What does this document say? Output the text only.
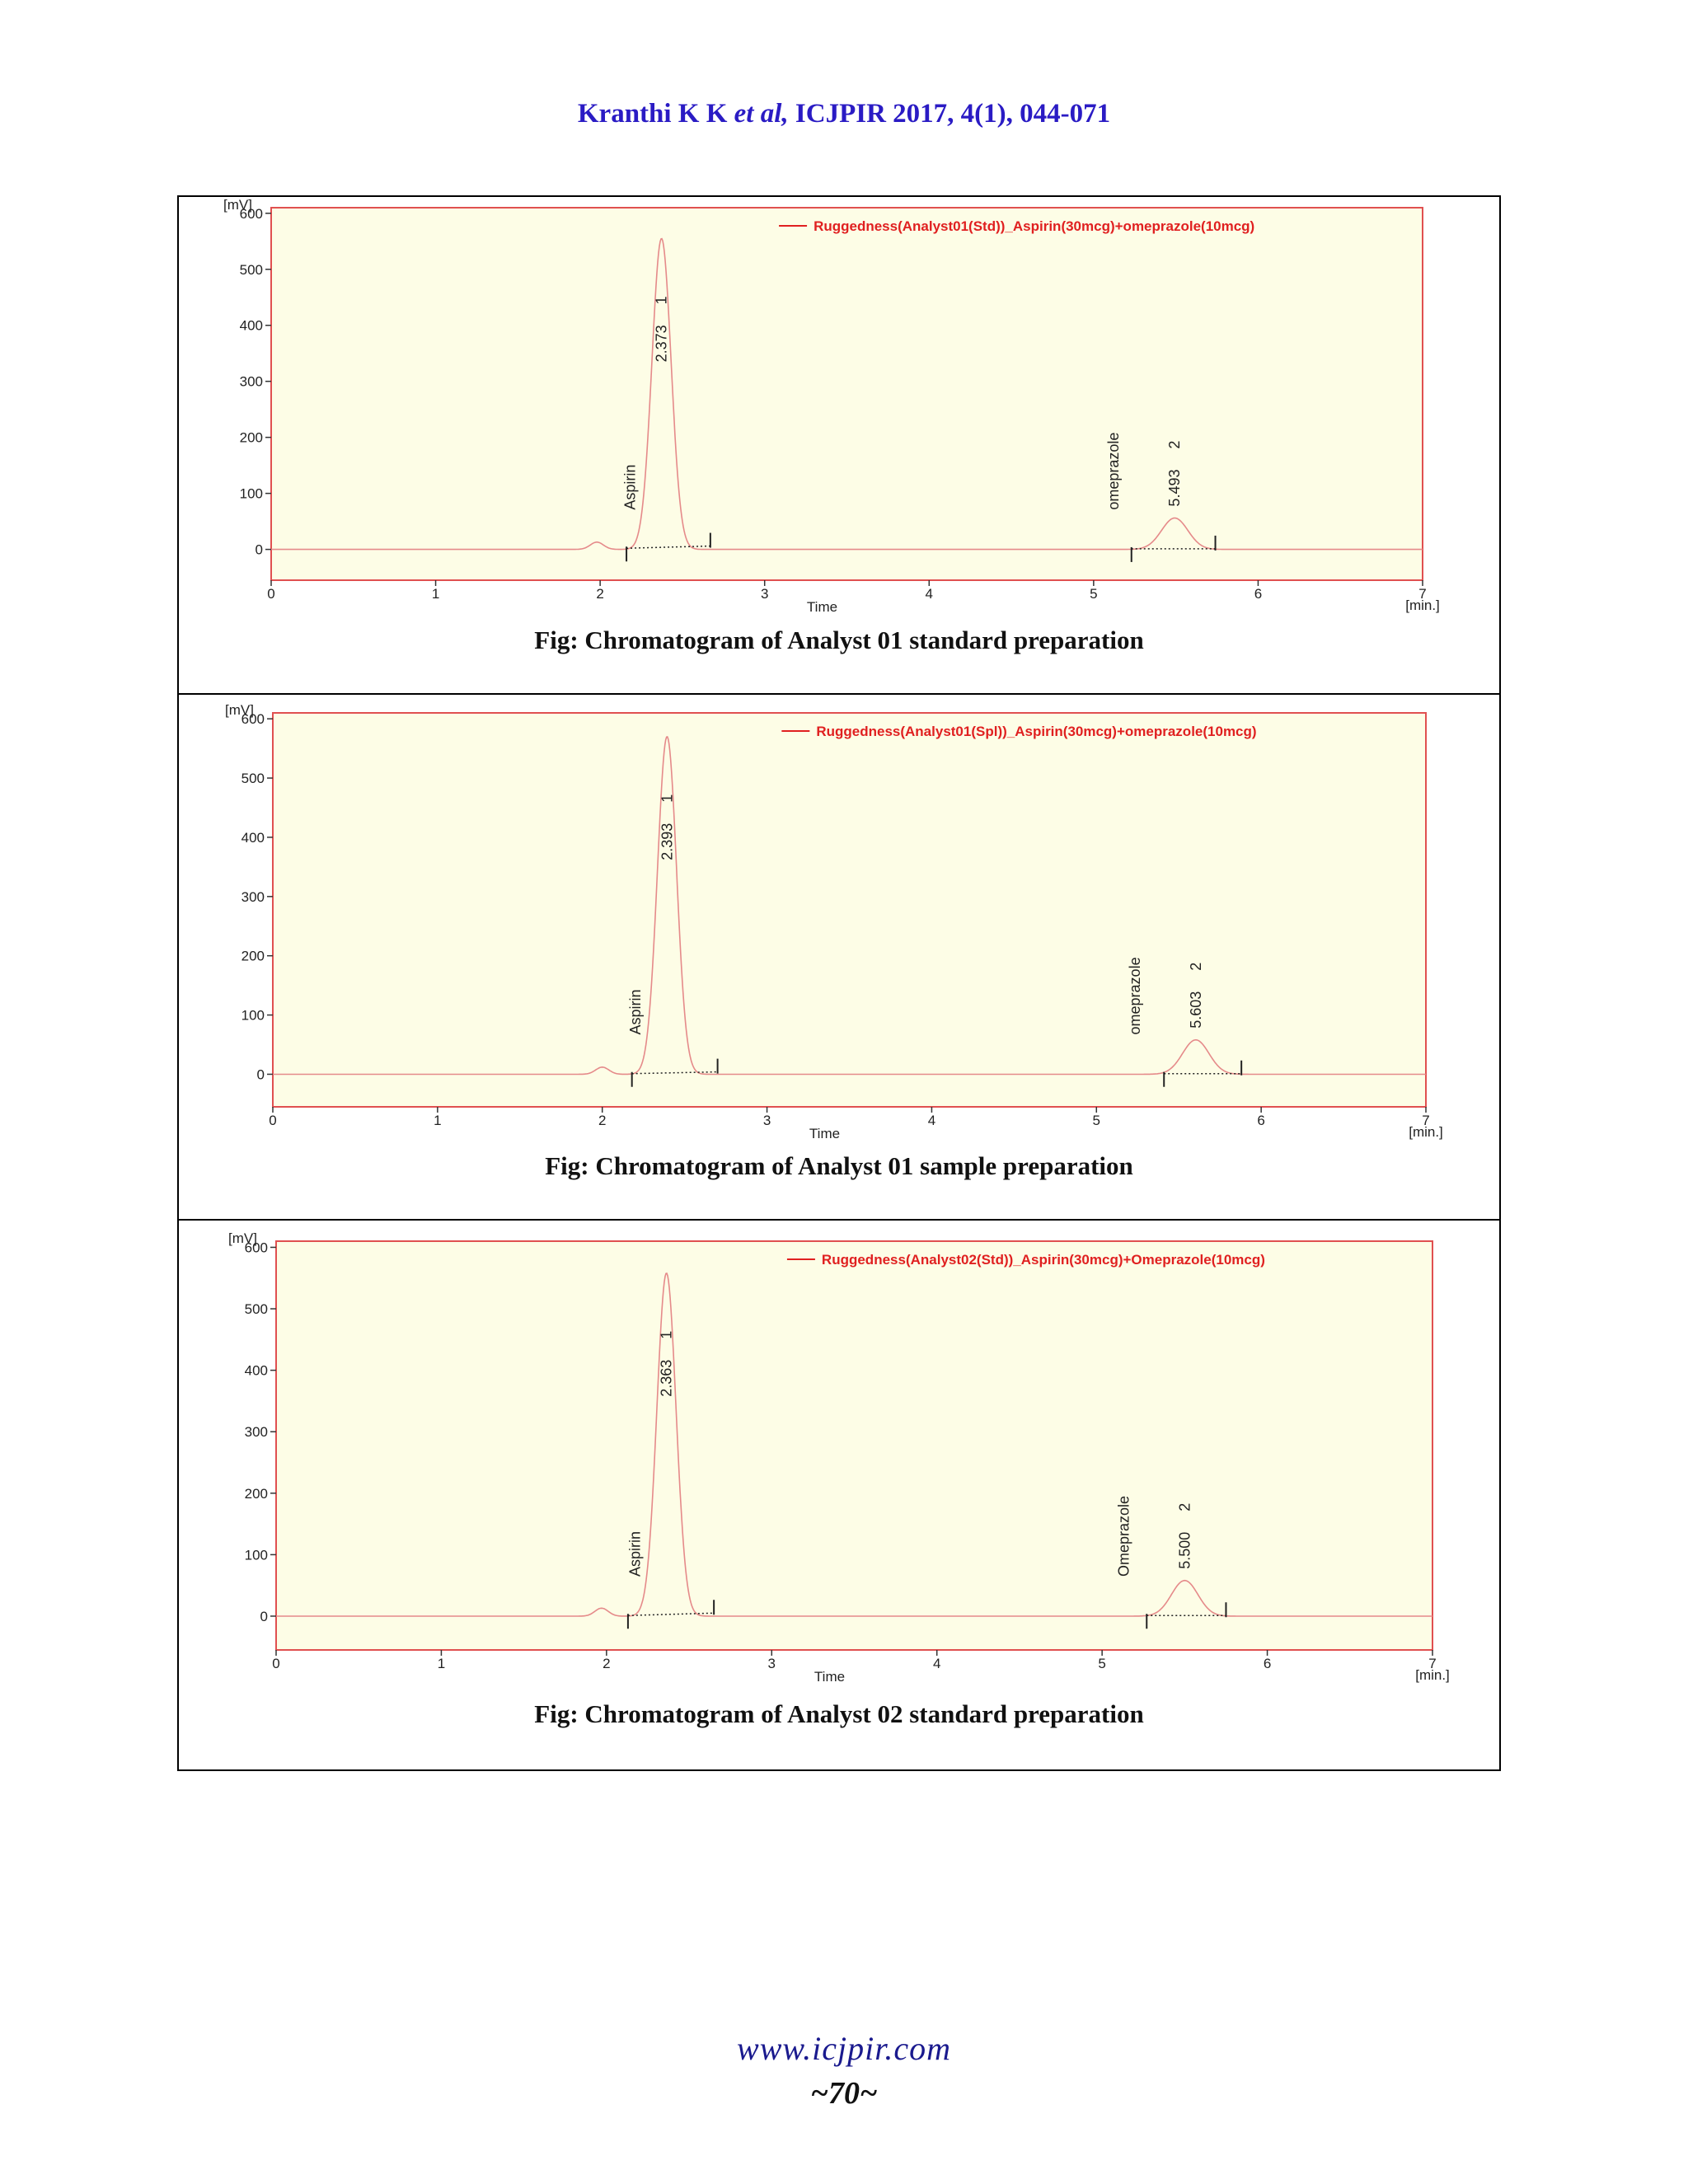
Kranthi K K et al, ICJPIR 2017, 4(1), 044-071
0
100
200
300
400
500
600
[mV]
0	1	2	3	4	5	6	7
Time	[min.]
Ruggedness(Analyst01(Std))_Aspirin(30mcg)+omeprazole(10mcg)
2.373
1
Aspirin	5.493
2
omeprazole
Fig: Chromatogram of Analyst 01 standard preparation
0
100
200
300
400
500
600
[mV]
0	1	2	3	4	5	6	7
Time	[min.]
Ruggedness(Analyst01(Spl))_Aspirin(30mcg)+omeprazole(10mcg)
2.393
1
Aspirin	5.603
2
omeprazole
Fig: Chromatogram of Analyst 01 sample preparation
0
100
200
300
400
500
600
[mV]
0	1	2	3	4	5	6	7
Time	[min.]
Ruggedness(Analyst02(Std))_Aspirin(30mcg)+Omeprazole(10mcg)
2.363
1
Aspirin	5.500
2
Omeprazole
Fig: Chromatogram of Analyst 02 standard preparation
www.icjpir.com
~70~
